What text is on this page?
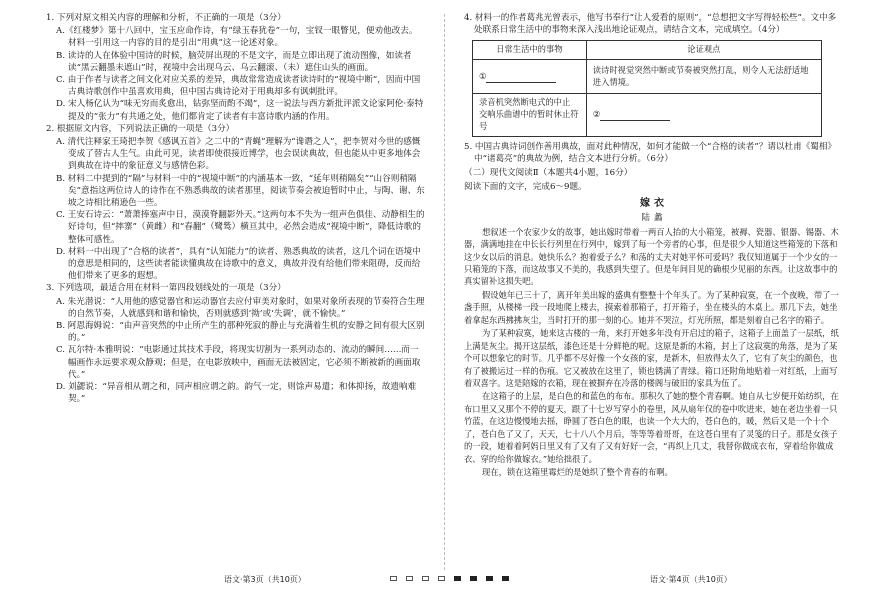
1. 下列对原文相关内容的理解和分析，不正确的一项是（3分）

A.《红楼梦》第十八回中，宝玉应命作诗，有“绿玉春犹卷”一句，宝钗一眼瞥见，便劝他改去。材料一引用这一内容的目的是引出“用典”这一论述对象。

B. 读诗的人在体验中国诗的时候，脑荧屏出现的不是文字，而是立即出现了流动图像，如读者读“黑云翻墨未遮山”时，视境中会出现乌云、乌云翻滚、（未）遮住山头的画面。

C. 由于作者与读者之间文化对应关系的差异，典故常常造成读者读诗时的“视境中断”，因而中国古典诗歌创作中虽喜欢用典，但中国古典诗论对于用典却多有讽刺批评。

D. 宋人杨亿认为“味无穷而炙愈出，钻弥坚而酌不竭”，这一说法与西方新批评派文论家阿伦·泰特提及的“张力”有共通之处，他们都肯定了读者有丰富诗歌内涵的作用。

2. 根据原文内容，下列说法正确的一项是（3分）

A. 清代注释家王琦把李贺《感讽五首》之二中的“青蝇”理解为“谗谮之人”，把李贺对今世的感慨变成了替古人生气。由此可见，读者即使很接近博学，也会误读典故，但也能从中更多地体会到典故在诗中的象征意义与感情色彩。

B. 材料二中提到的“隔”与材料一中的“视境中断”的内涵基本一致，“延年则稍隔矣”“山谷则稍隔矣”意指这两位诗人的诗作在不熟悉典故的读者那里，阅读节奏会被迫暂时中止，与陶、谢、东坡之诗相比稍逊色一些。

C. 王安石诗云：“萧萧捧塞声中日，漠漠脊翻影外天。”这两句本不失为一组声色俱佳、动静相生的好诗句，但“摔寨”（黄雌）和“春翻”（鹭鸶）横亘其中，必然会造成“视境中断”，降低诗歌的整体可感性。

D. 材料一中出现了“合格的读者”，具有“认知能力”的读者、熟悉典故的读者，这几个词在语境中的意思是相同的，这些读者能读懂典故在诗歌中的意义，典故并没有给他们带来阻碍，反而给他们带来了更多的遐想。

3. 下列选项，最适合用在材料一第四段划线处的一项是（3分）

A. 朱光潜说：“人用他的感觉器官和运动器官去应付审美对象时，如果对象所表现的节奏符合生理的自然节奏，人就感到和谐和愉快，否则就感到‘拗’或‘失调’，就不愉快。”

B. 阿恩海姆说：“由声音突然的中止所产生的那种死寂的静止与充满着生机的安静之间有很大区别的。”

C. 瓦尔特·本雅明说：“电影通过其技术手段，将现实切割为一系列动态的、流动的瞬间……而一幅画作永远要求观众静观；但是，在电影放映中，画面无法被固定，它必须不断被新的画面取代。”

D. 刘勰说：“异音相从谓之和，同声相应谓之韵。韵气一定，则馀声易遣；和体抑扬，故遗响难契。”

4. 材料一的作者葛兆光曾表示，他写书奉行“让人爱看的原则”，“总想把文字写得轻松些”。文中多处联系日常生活中的事物来深入浅出地论证观点，请结合文本，完成填空。（4分）

日常生活中的事物	论证观点
①	读诗时视觉突然中断或节奏被突然打乱，则令人无法舒适地进入情境。

录音机突然断电式的中止
交响乐曲谱中的暂时休止符号	②

5. 中国古典诗词创作善用典故，面对此种情况，如何才能做一个“合格的读者”？请以杜甫《蜀相》中“诸葛亮”的典故为例，结合文本进行分析。（6分）

（二）现代文阅读Ⅱ（本题共4小题，16分）

阅读下面的文字，完成6～9题。

嫁衣

陆蠡

想叙述一个农家少女的故事，她出嫁时带着一两百人抬的大小箱笼，被褥、瓷器、银器、锡器、木器，满满地挂在中长长行列里在行列中，嫁到了每一个旁者的心事，但是很少人知道这些箱笼的下落和这少女以后的消息。她快乐么？抱着爱子么？和荡的丈夫对她平怀可爱吗？我仅知道属于一个少女的一只箱笼的下落，而这故事又不美的，我感到失望了。但是年间目见的确根少见丽的东西。让这故事中的真实留补这损失吧。

假设她年已三十了，离开年美出嫁的盛典有整整十个年头了。为了某种寂寞，在一个夜晚，带了一盏手照，从楼梯一段一段地爬上楼去，摸索着那箱子，打开箱子，坐在楼头的木桌上。那几下去，她坐着拿起东西拂拂灰尘，当时打开的那一刻的心。她并不哭泣，灯光所照，都是刻着自己名字的箱子。

为了某种寂寞，她来这古楼的一角，来打开她多年没有开启过的箱子，这箱子上面盖了一层纸，纸上满是灰尘。揭开这层纸，漆色还是十分鲜艳的呢。这原是新的木箱，封上了这寂寞的角落，是为了某个可以想象它的时节。几乎都不尽好像一个女孩的家，是新木，但放得太久了，它有了灰尘的颜色，也有了被搬运过一样的伤痕。它又被放在这里了，锁也锈满了青绿。箱口还附角地贴着一对红纸，上面写着双喜字。这是陪嫁的衣箱，现在被摒弃在冷落的楼阁与破旧的家具为伍了。

在这箱子的上层，是白色的和蓝色的布布。那积久了她的整个青春啊。她自从七岁便开始纺织，在布口里又又那个不停的夏天，跟了十七岁写穿小的卷里，风从扇年仅的卷中吹进来，她在老边坐着一只竹蓝，在这边慢慢地去摇，睁圆了苍白色的眼，也读一个大大的，苍白色的，暖，然后又是一个十个了，苍白色了又了，天天，七十八八个月后，等等等着哥哥，在这苍白里有了灵笺的日子。那是女孩子的一段，她着着阿妈日里又有了又有了又有好好一会，“再织上几丈，我替你做成衣布，穿着给你做成衣、穿的给你做嫁衣。”她给拙很了。

现在，锁在这箱里霉烂的是她织了整个青春的布啊。

语文·第3页（共10页）	语文·第4页（共10页）
